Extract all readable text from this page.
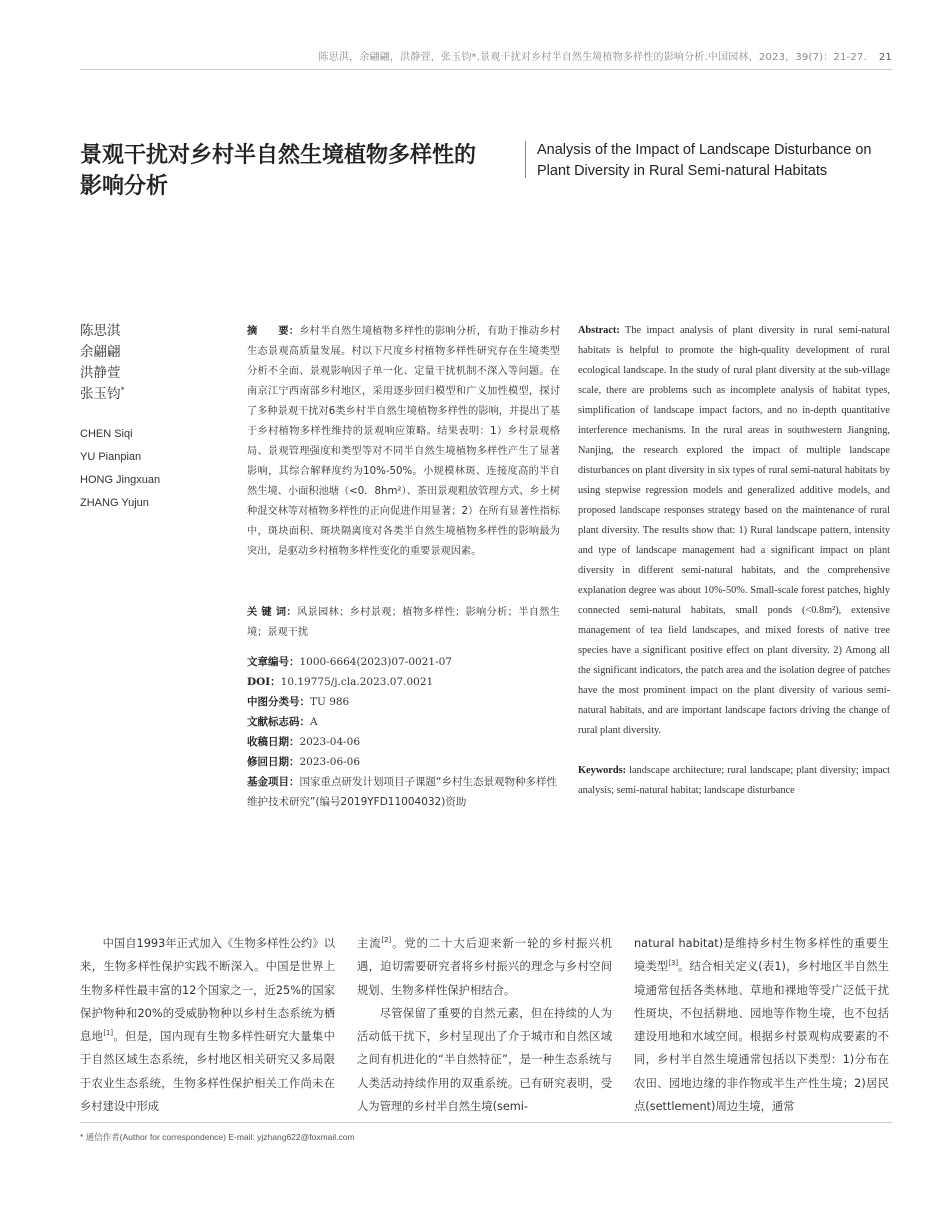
陈思淇，余翩翩，洪静萱，张玉钧*.景观干扰对乡村半自然生境植物多样性的影响分析.中国园林，2023，39(7)：21-27. 21
景观干扰对乡村半自然生境植物多样性的
影响分析
Analysis of the Impact of Landscape Disturbance on
Plant Diversity in Rural Semi-natural Habitats
陈思淇
余翩翩
洪静萱
张玉钧*
CHEN Siqi
YU Pianpian
HONG Jingxuan
ZHANG Yujun
摘　　要：乡村半自然生境植物多样性的影响分析，有助于推动乡村生态景观高质量发展。村以下尺度乡村植物多样性研究存在生境类型分析不全面、景观影响因子单一化、定量干扰机制不深入等问题。在南京江宁西南部乡村地区，采用逐步回归模型和广义加性模型，探讨了多种景观干扰对6类乡村半自然生境植物多样性的影响，并提出了基于乡村植物多样性维持的景观响应策略。结果表明：1）乡村景观格局、景观管理强度和类型等对不同半自然生境植物多样性产生了显著影响，其综合解释度约为10%-50%。小规模林斑、连接度高的半自然生境、小面积池塘（<0．8hm²）、茶田景观粗放管理方式、乡土树种混交林等对植物多样性的正向促进作用显著；2）在所有显著性指标中，斑块面积、斑块隔离度对各类半自然生境植物多样性的影响最为突出，是驱动乡村植物多样性变化的重要景观因素。
关 键 词：风景园林；乡村景观；植物多样性；影响分析；半自然生境；景观干扰
文章编号：1000-6664(2023)07-0021-07
DOI：10.19775/j.cla.2023.07.0021
中图分类号：TU 986
文献标志码：A
收稿日期：2023-04-06
修回日期：2023-06-06
基金项目：国家重点研发计划项目子课题“乡村生态景观物种多样性维护技术研究”(编号2019YFD11004032)资助
Abstract: The impact analysis of plant diversity in rural semi-natural habitats is helpful to promote the high-quality development of rural ecological landscape. In the study of rural plant diversity at the sub-village scale, there are problems such as incomplete analysis of habitat types, simplification of landscape impact factors, and no in-depth quantitative interference mechanisms. In the rural areas in southwestern Jiangning, Nanjing, the research explored the impact of multiple landscape disturbances on plant diversity in six types of rural semi-natural habitats by using stepwise regression models and generalized additive models, and proposed landscape responses strategy based on the maintenance of rural plant diversity. The results show that: 1) Rural landscape pattern, intensity and type of landscape management had a significant impact on plant diversity in different semi-natural habitats, and the comprehensive explanation degree was about 10%-50%. Small-scale forest patches, highly connected semi-natural habitats, small ponds (<0.8m²), extensive management of tea field landscapes, and mixed forests of native tree species have a significant positive effect on plant diversity. 2) Among all the significant indicators, the patch area and the isolation degree of patches have the most prominent impact on the plant diversity of various semi-natural habitats, and are important landscape factors driving the change of rural plant diversity.
Keywords: landscape architecture; rural landscape; plant diversity; impact analysis; semi-natural habitat; landscape disturbance

中国自1993年正式加入《生物多样性公约》以来，生物多样性保护实践不断深入。中国是世界上生物多样性最丰富的12个国家之一，近25%的国家保护物种和20%的受威胁物种以乡村生态系统为栖息地[1]。但是，国内现有生物多样性研究大量集中于自然区域生态系统，乡村地区相关研究又多局限于农业生态系统，生物多样性保护相关工作尚未在乡村建设中形成

主流[2]。党的二十大后迎来新一轮的乡村振兴机遇，迫切需要研究者将乡村振兴的理念与乡村空间规划、生物多样性保护相结合。

尽管保留了重要的自然元素，但在持续的人为活动低干扰下，乡村呈现出了介于城市和自然区域之间有机进化的“半自然特征”，是一种生态系统与人类活动持续作用的双重系统。已有研究表明，受人为管理的乡村半自然生境(semi-

natural habitat)是维持乡村生物多样性的重要生境类型[3]。结合相关定义(表1)，乡村地区半自然生境通常包括各类林地、草地和裸地等受广泛低干扰性斑块，不包括耕地、园地等作物生境，也不包括建设用地和水域空间。根据乡村景观构成要素的不同，乡村半自然生境通常包括以下类型：1)分布在农田、园地边缘的非作物或半生产性生境；2)居民点(settlement)周边生境，通常

* 通信作者(Author for correspondence) E-mail: yjzhang622@foxmail.com
